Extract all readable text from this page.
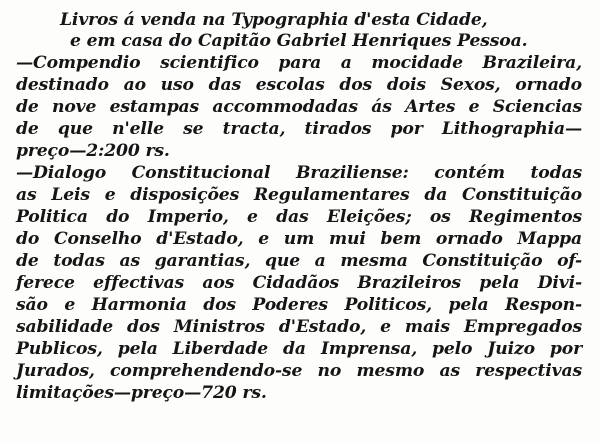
Livros á venda na Typographia d'esta Cidade,
e em casa do Capitão Gabriel Henriques Pessoa.
—Compendio scientifico para a mocidade Brazileira,
destinado ao uso das escolas dos dois Sexos, ornado
de nove estampas accommodadas ás Artes e Sciencias
de que n'elle se tracta, tirados por Lithographia—
preço—2:200 rs.
—Dialogo Constitucional Braziliense: contém todas
as Leis e disposições Regulamentares da Constituição
Politica do Imperio, e das Eleições; os Regimentos
do Conselho d'Estado, e um mui bem ornado Mappa
de todas as garantias, que a mesma Constituição of-
ferece effectivas aos Cidadãos Brazileiros pela Divi-
são e Harmonia dos Poderes Politicos, pela Respon-
sabilidade dos Ministros d'Estado, e mais Empregados
Publicos, pela Liberdade da Imprensa, pelo Juizo por
Jurados, comprehendendo-se no mesmo as respectivas
limitações—preço—720 rs.
